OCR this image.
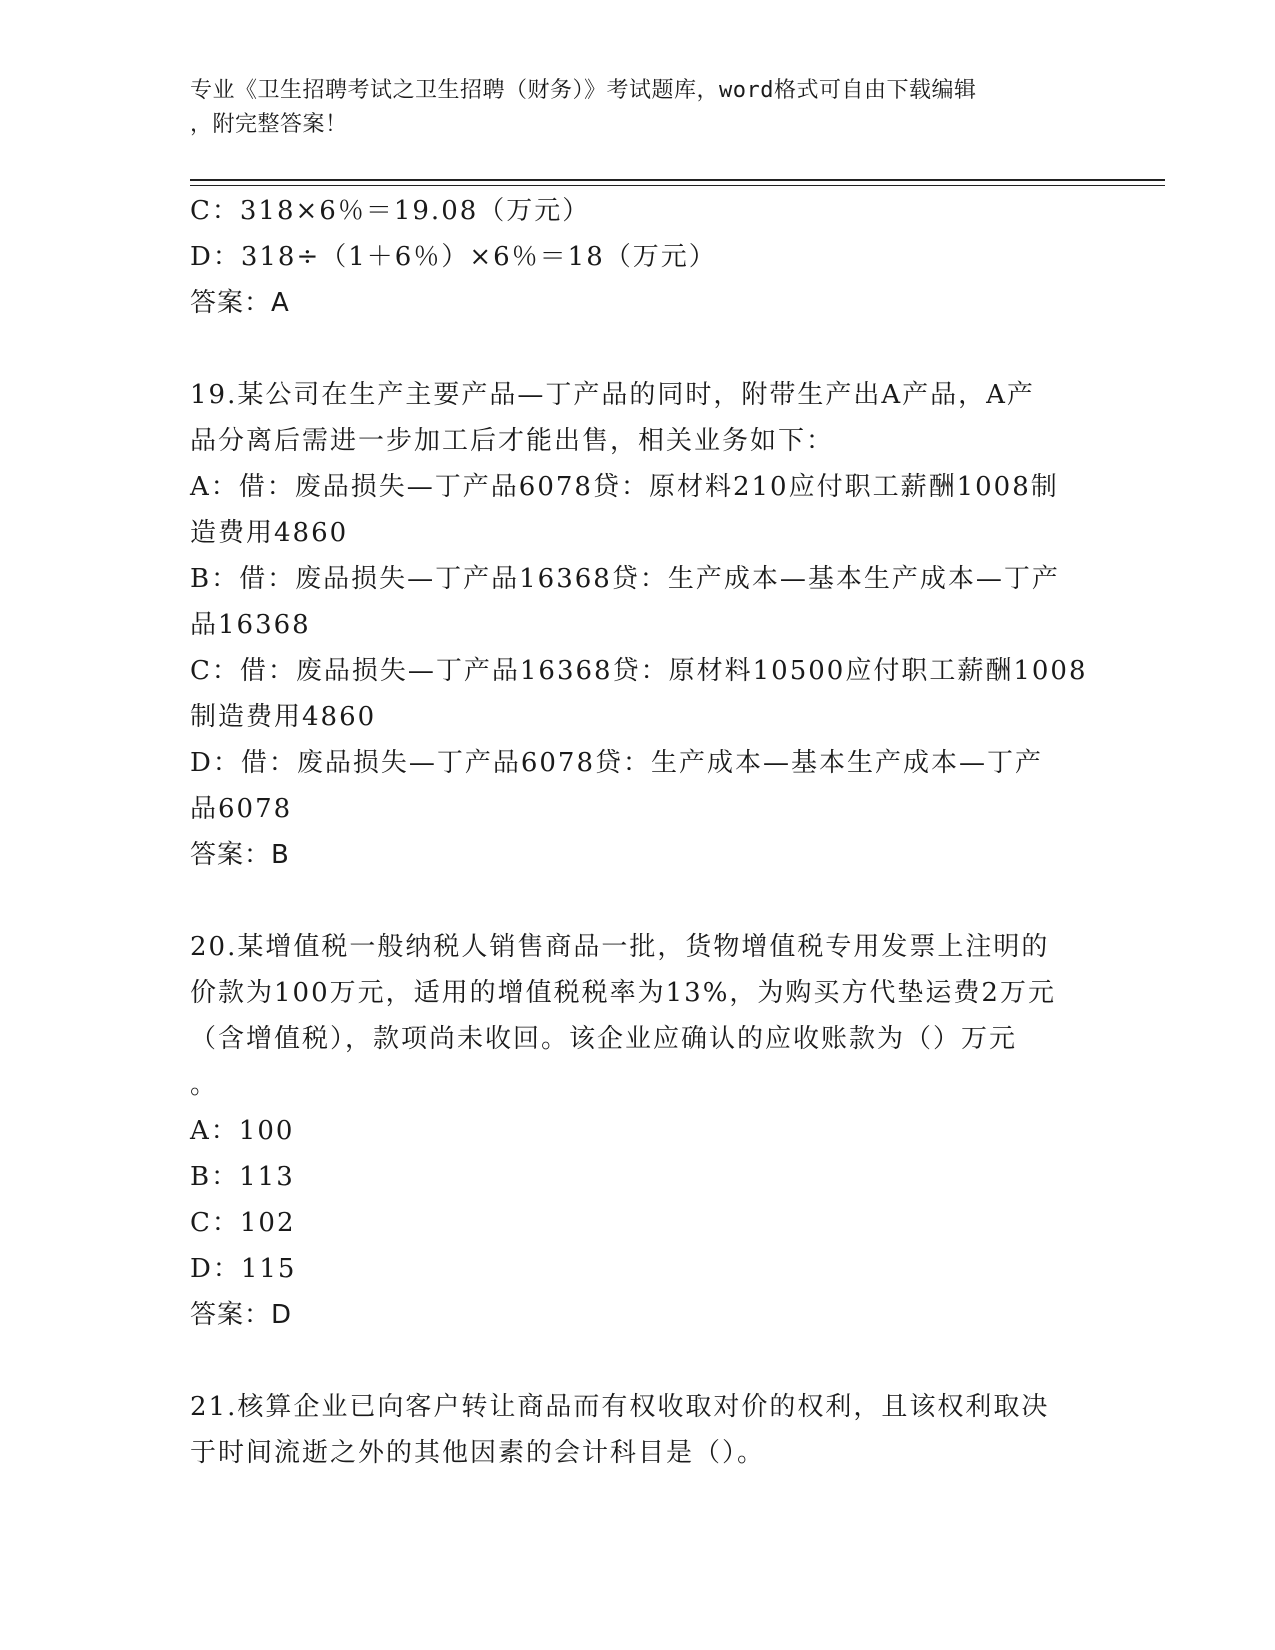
专业《卫生招聘考试之卫生招聘（财务）》考试题库，word格式可自由下载编辑
，附完整答案！
C：318×6％＝19.08（万元）
D：318÷（1＋6％）×6％＝18（万元）
答案：A
19.某公司在生产主要产品—丁产品的同时，附带生产出A产品，A产
品分离后需进一步加工后才能出售，相关业务如下：
A：借：废品损失—丁产品6078贷：原材料210应付职工薪酬1008制
造费用4860
B：借：废品损失—丁产品16368贷：生产成本—基本生产成本—丁产
品16368
C：借：废品损失—丁产品16368贷：原材料10500应付职工薪酬1008
制造费用4860
D：借：废品损失—丁产品6078贷：生产成本—基本生产成本—丁产
品6078
答案：B
20.某增值税一般纳税人销售商品一批，货物增值税专用发票上注明的
价款为100万元，适用的增值税税率为13%，为购买方代垫运费2万元
（含增值税），款项尚未收回。该企业应确认的应收账款为（）万元
。
A：100
B：113
C：102
D：115
答案：D
21.核算企业已向客户转让商品而有权收取对价的权利，且该权利取决
于时间流逝之外的其他因素的会计科目是（）。
